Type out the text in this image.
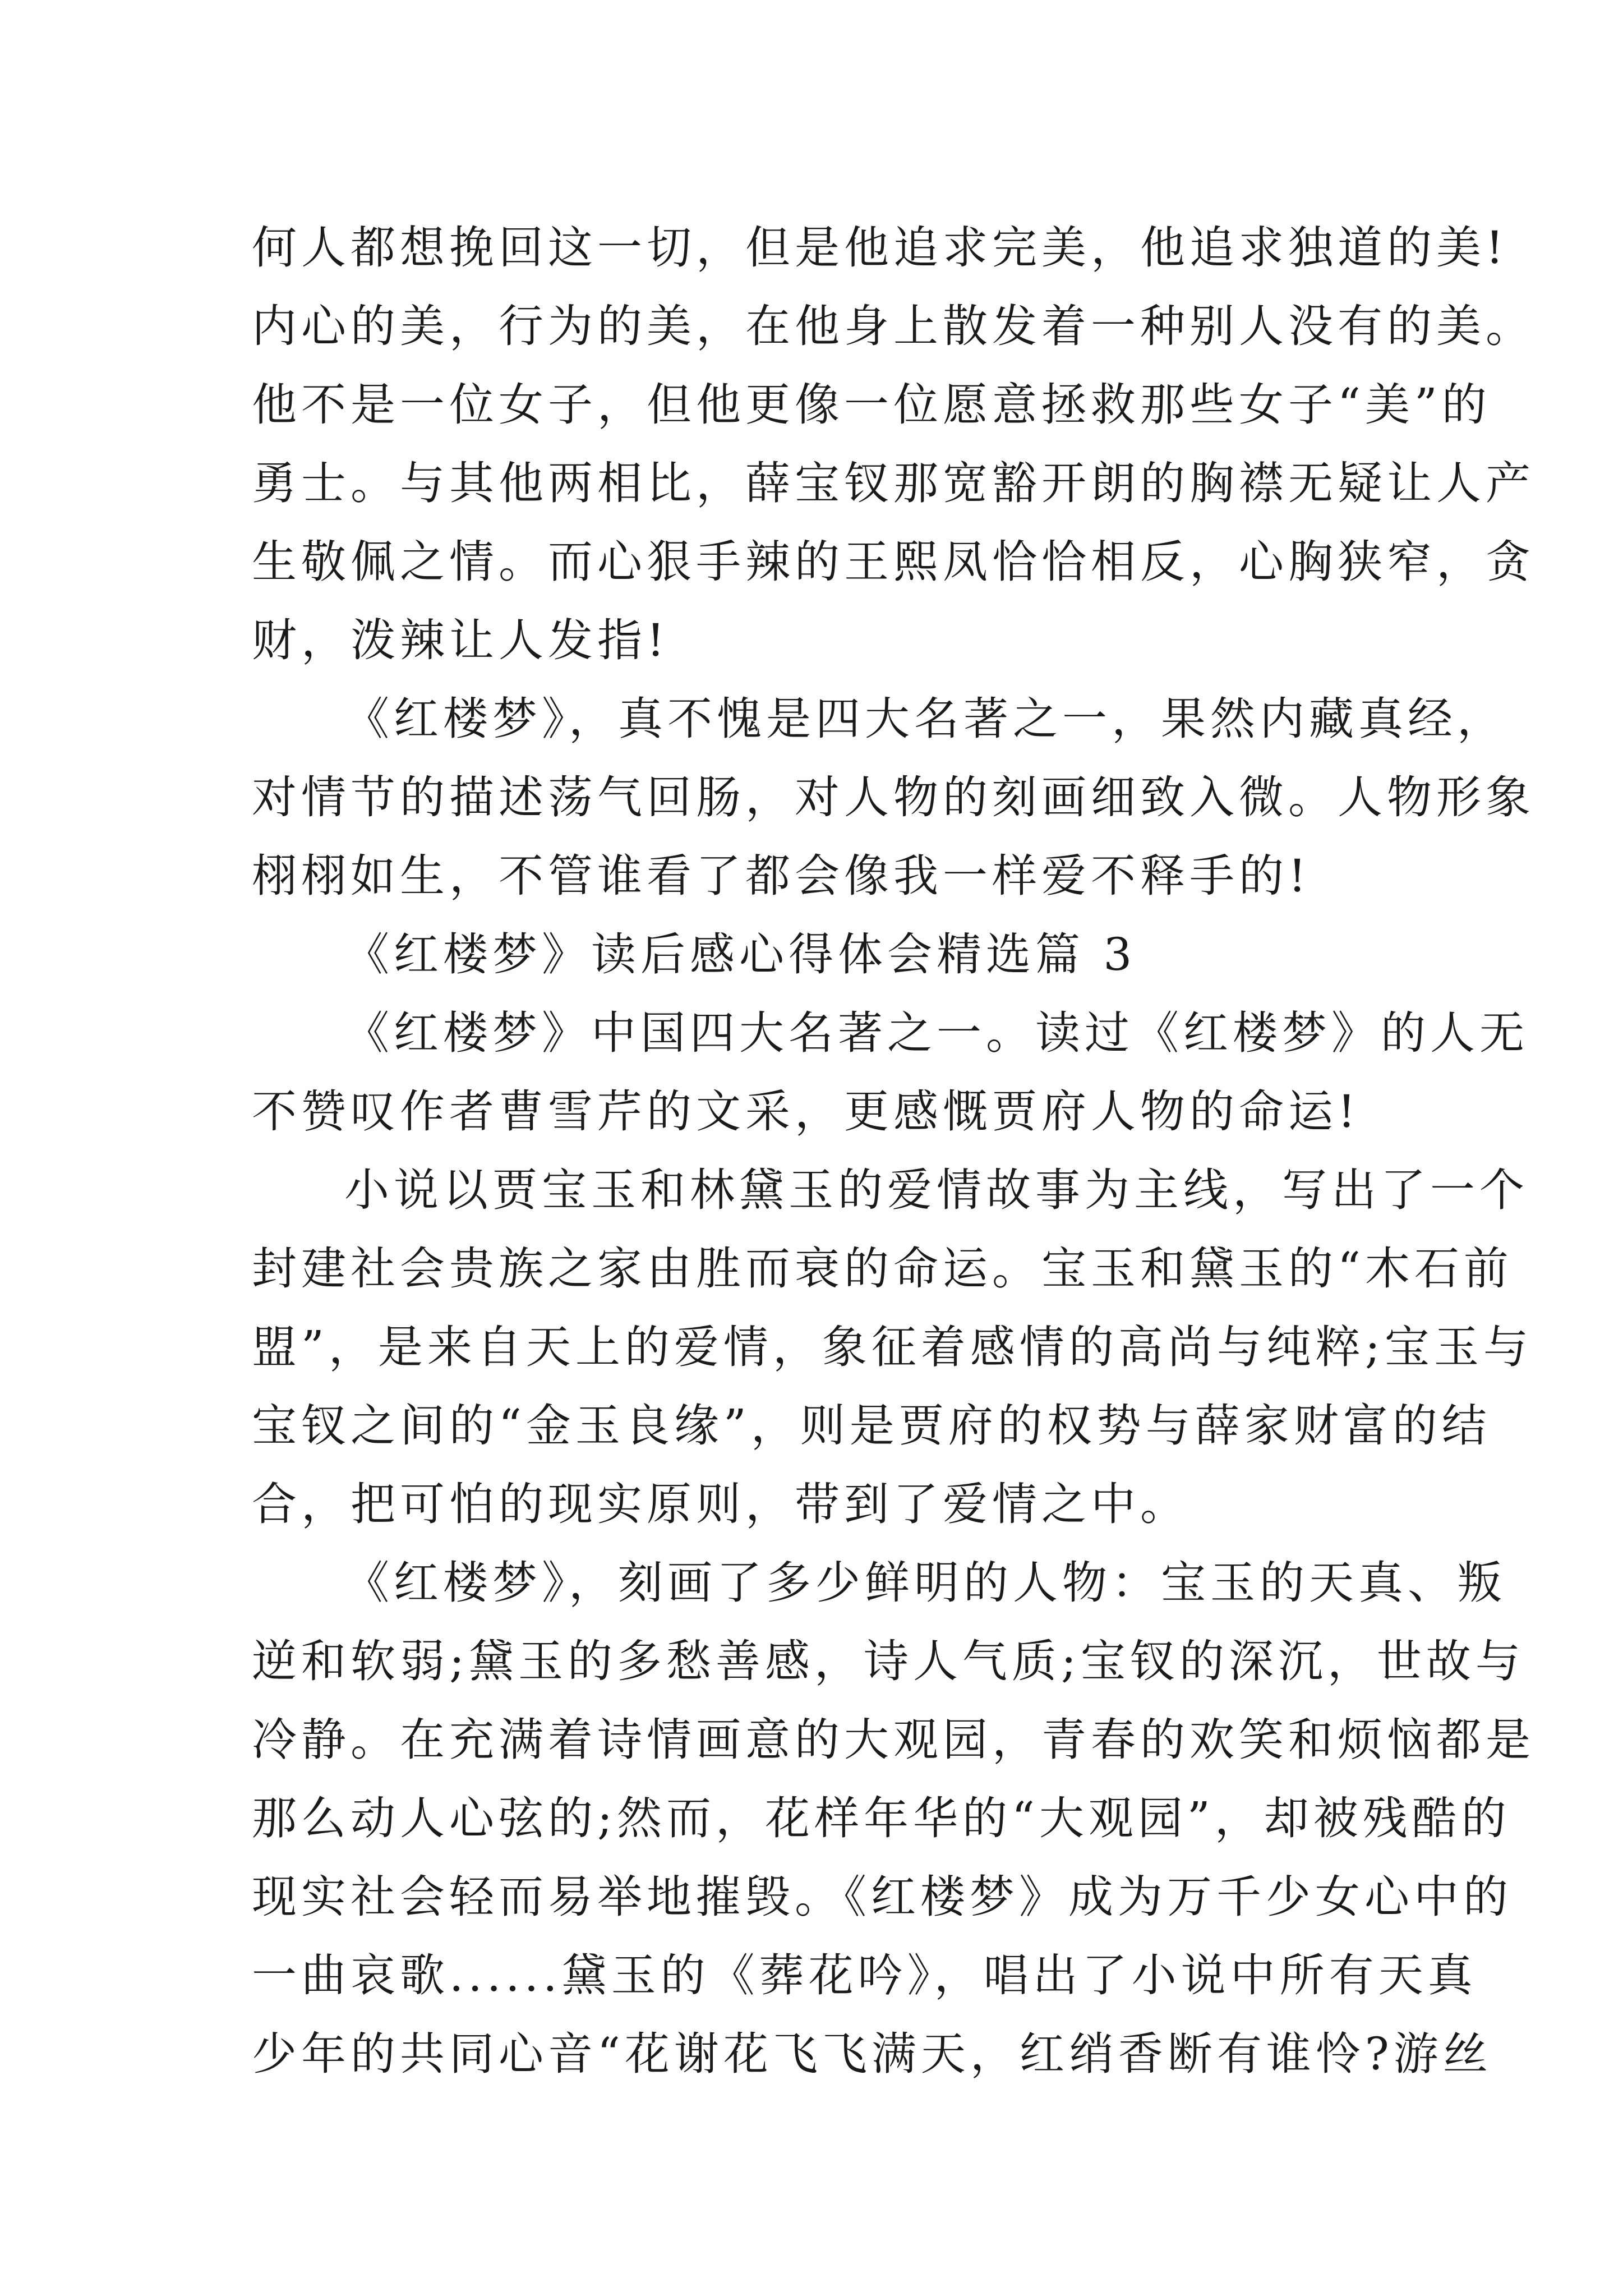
何人都想挽回这一切，但是他追求完美，他追求独道的美!
内心的美，行为的美，在他身上散发着一种别人没有的美。
他不是一位女子，但他更像一位愿意拯救那些女子“美”的
勇士。与其他两相比，薛宝钗那宽豁开朗的胸襟无疑让人产
生敬佩之情。而心狠手辣的王熙凤恰恰相反，心胸狭窄，贪
财，泼辣让人发指!
《红楼梦》，真不愧是四大名著之一，果然内藏真经，
对情节的描述荡气回肠，对人物的刻画细致入微。人物形象
栩栩如生，不管谁看了都会像我一样爱不释手的!
《红楼梦》读后感心得体会精选篇 3
《红楼梦》中国四大名著之一。读过《红楼梦》的人无
不赞叹作者曹雪芹的文采，更感慨贾府人物的命运!
小说以贾宝玉和林黛玉的爱情故事为主线，写出了一个
封建社会贵族之家由胜而衰的命运。宝玉和黛玉的“木石前
盟”，是来自天上的爱情，象征着感情的高尚与纯粹;宝玉与
宝钗之间的“金玉良缘”，则是贾府的权势与薛家财富的结
合，把可怕的现实原则，带到了爱情之中。
《红楼梦》，刻画了多少鲜明的人物：宝玉的天真、叛
逆和软弱;黛玉的多愁善感，诗人气质;宝钗的深沉，世故与
冷静。在充满着诗情画意的大观园，青春的欢笑和烦恼都是
那么动人心弦的;然而，花样年华的“大观园”，却被残酷的
现实社会轻而易举地摧毁。《红楼梦》成为万千少女心中的
一曲哀歌......黛玉的《葬花吟》，唱出了小说中所有天真
少年的共同心音“花谢花飞飞满天，红绡香断有谁怜?游丝
